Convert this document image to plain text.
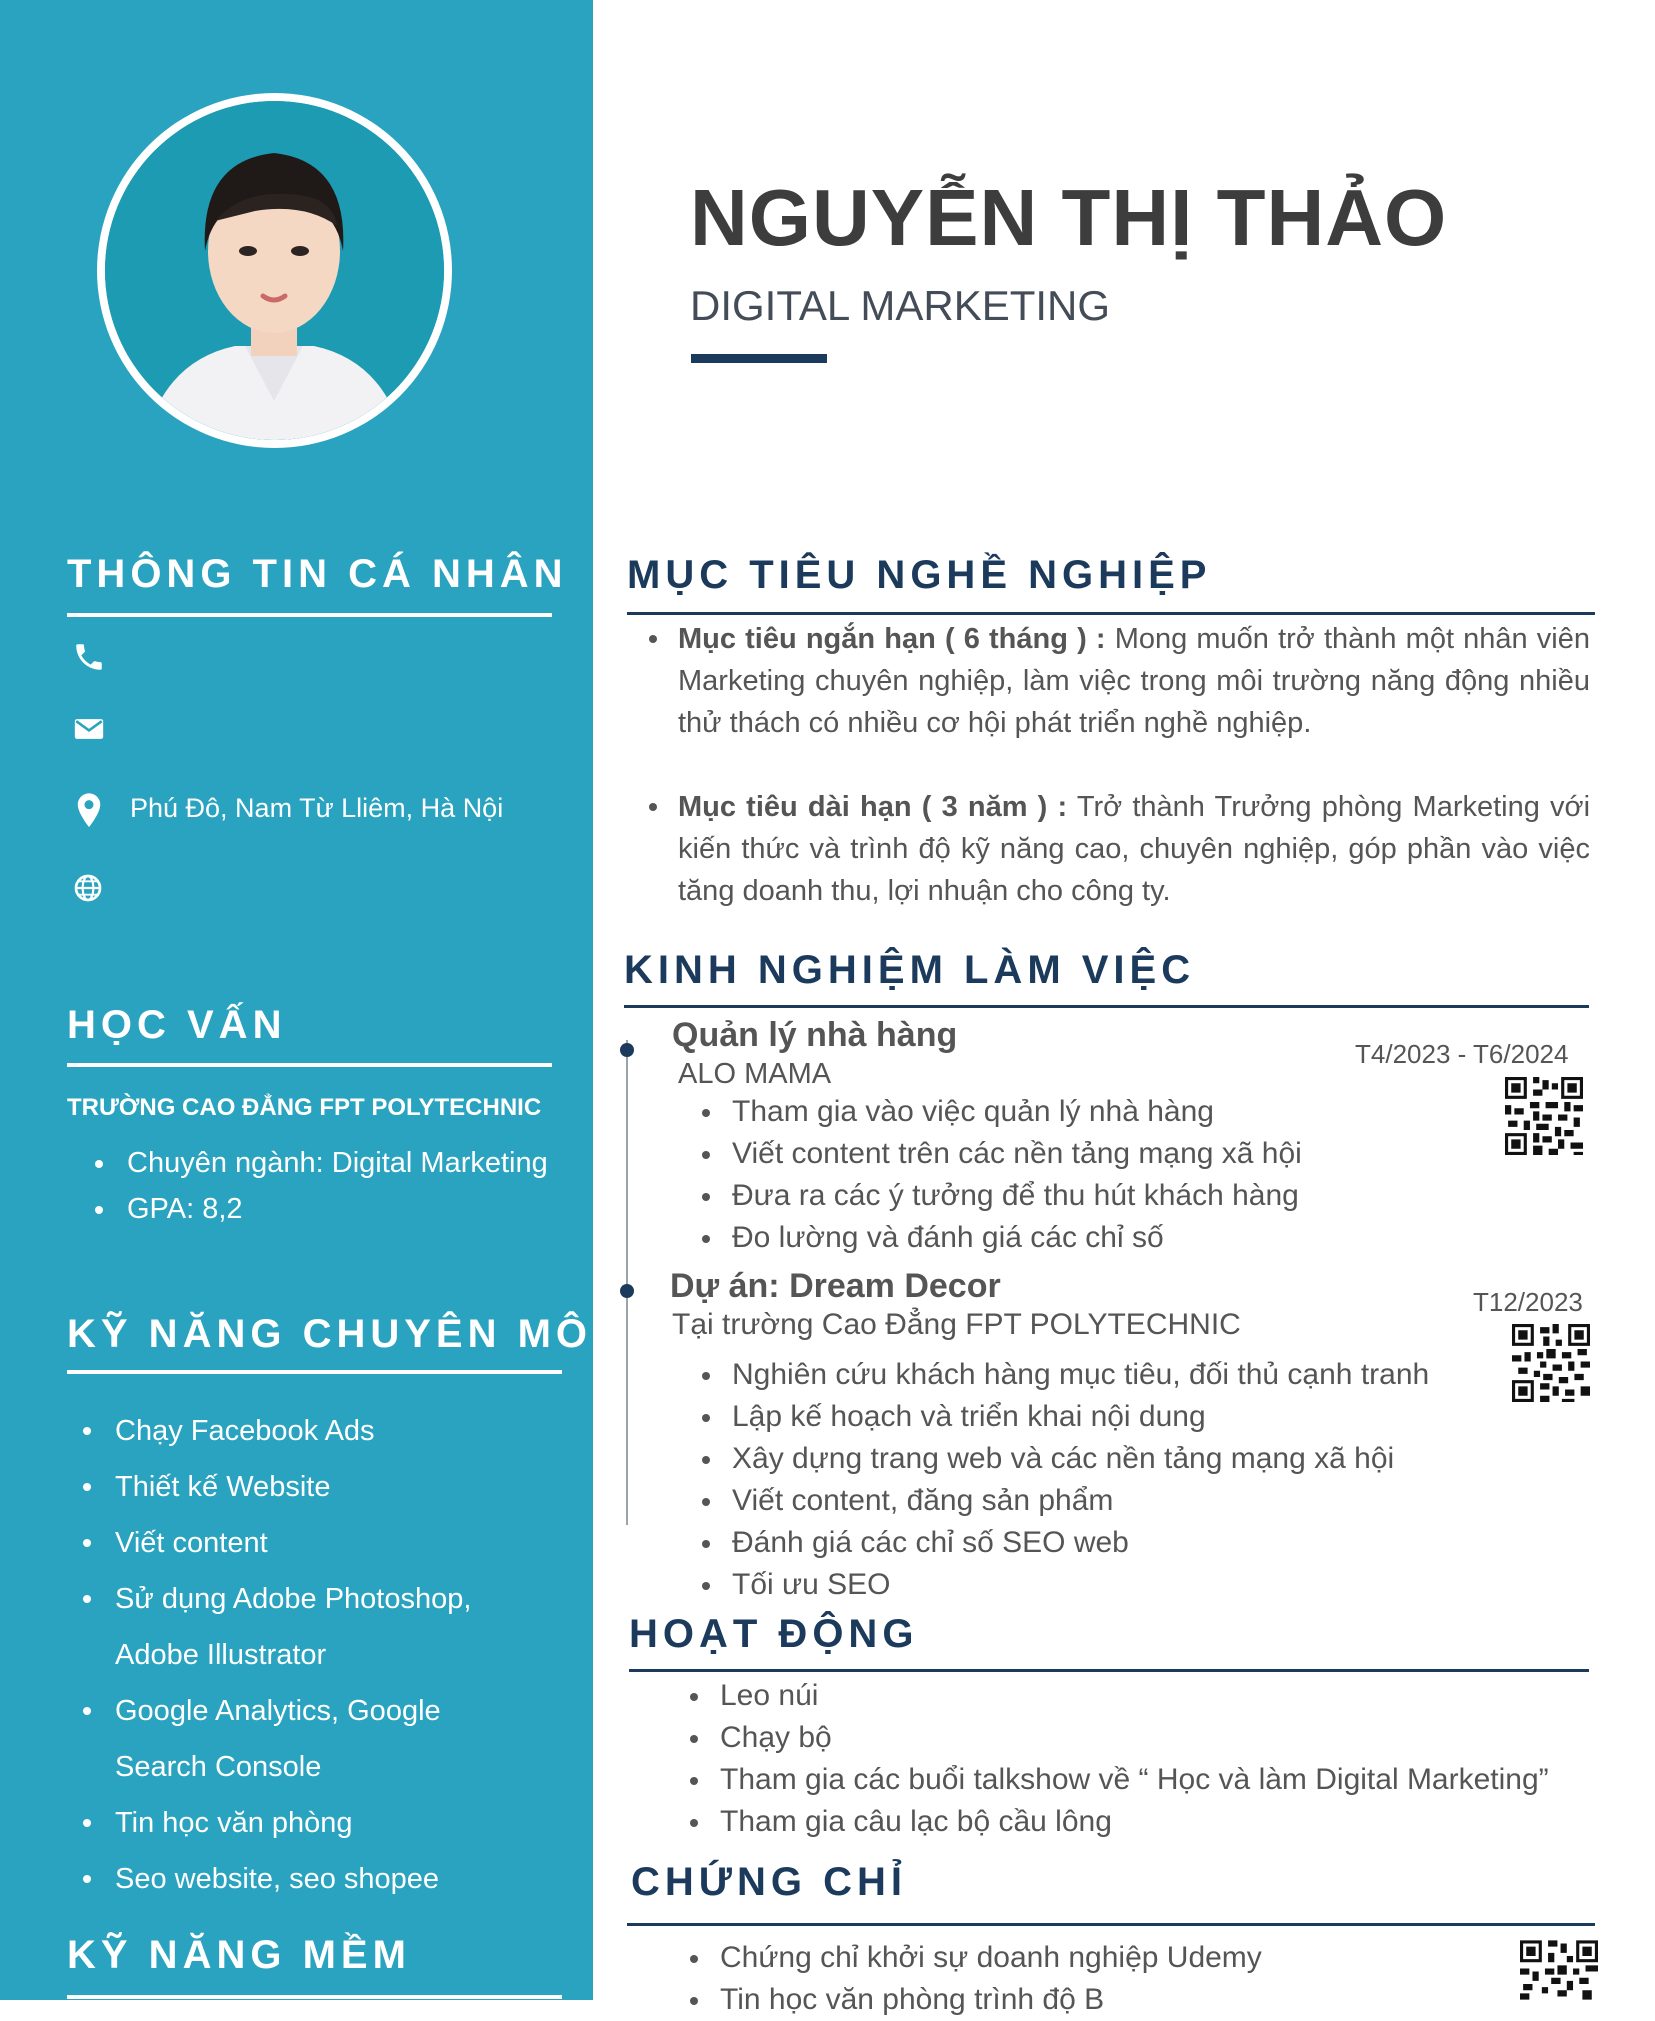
THÔNG TIN CÁ NHÂN
Phú Đô, Nam Từ Lliêm, Hà Nội
HỌC VẤN
TRƯỜNG CAO ĐẲNG FPT POLYTECHNIC
Chuyên ngành: Digital Marketing
GPA: 8,2
KỸ NĂNG CHUYÊN MÔN
Chạy Facebook Ads
Thiết kế Website
Viết content
Sử dụng Adobe Photoshop,
Adobe Illustrator
Google Analytics, Google
Search Console
Tin học văn phòng
Seo website, seo shopee
KỸ NĂNG MỀM
NGUYỄN THỊ THẢO
DIGITAL MARKETING
MỤC TIÊU NGHỀ NGHIỆP
Mục tiêu ngắn hạn ( 6 tháng ) : Mong muốn trở thành một nhân viên Marketing chuyên nghiệp, làm việc trong môi trường năng động nhiều thử thách có nhiều cơ hội phát triển nghề nghiệp.
Mục tiêu dài hạn ( 3 năm ) : Trở thành Trưởng phòng Marketing với kiến thức và trình độ kỹ năng cao, chuyên nghiệp, góp phần vào việc tăng doanh thu, lợi nhuận cho công ty.
KINH NGHIỆM LÀM VIỆC
Quản lý nhà hàng
ALO MAMA
T4/2023 - T6/2024
Tham gia vào việc quản lý nhà hàng
Viết content trên các nền tảng mạng xã hội
Đưa ra các ý tưởng để thu hút khách hàng
Đo lường và đánh giá các chỉ số
Dự án: Dream Decor
Tại trường Cao Đẳng FPT POLYTECHNIC
T12/2023
Nghiên cứu khách hàng mục tiêu, đối thủ cạnh tranh
Lập kế hoạch và triển khai nội dung
Xây dựng trang web và các nền tảng mạng xã hội
Viết content, đăng sản phẩm
Đánh giá các chỉ số SEO web
Tối ưu SEO
HOẠT ĐỘNG
Leo núi
Chạy bộ
Tham gia các buổi talkshow về “ Học và làm Digital Marketing”
Tham gia câu lạc bộ cầu lông
CHỨNG CHỈ
Chứng chỉ khởi sự doanh nghiệp Udemy
Tin học văn phòng trình độ B
